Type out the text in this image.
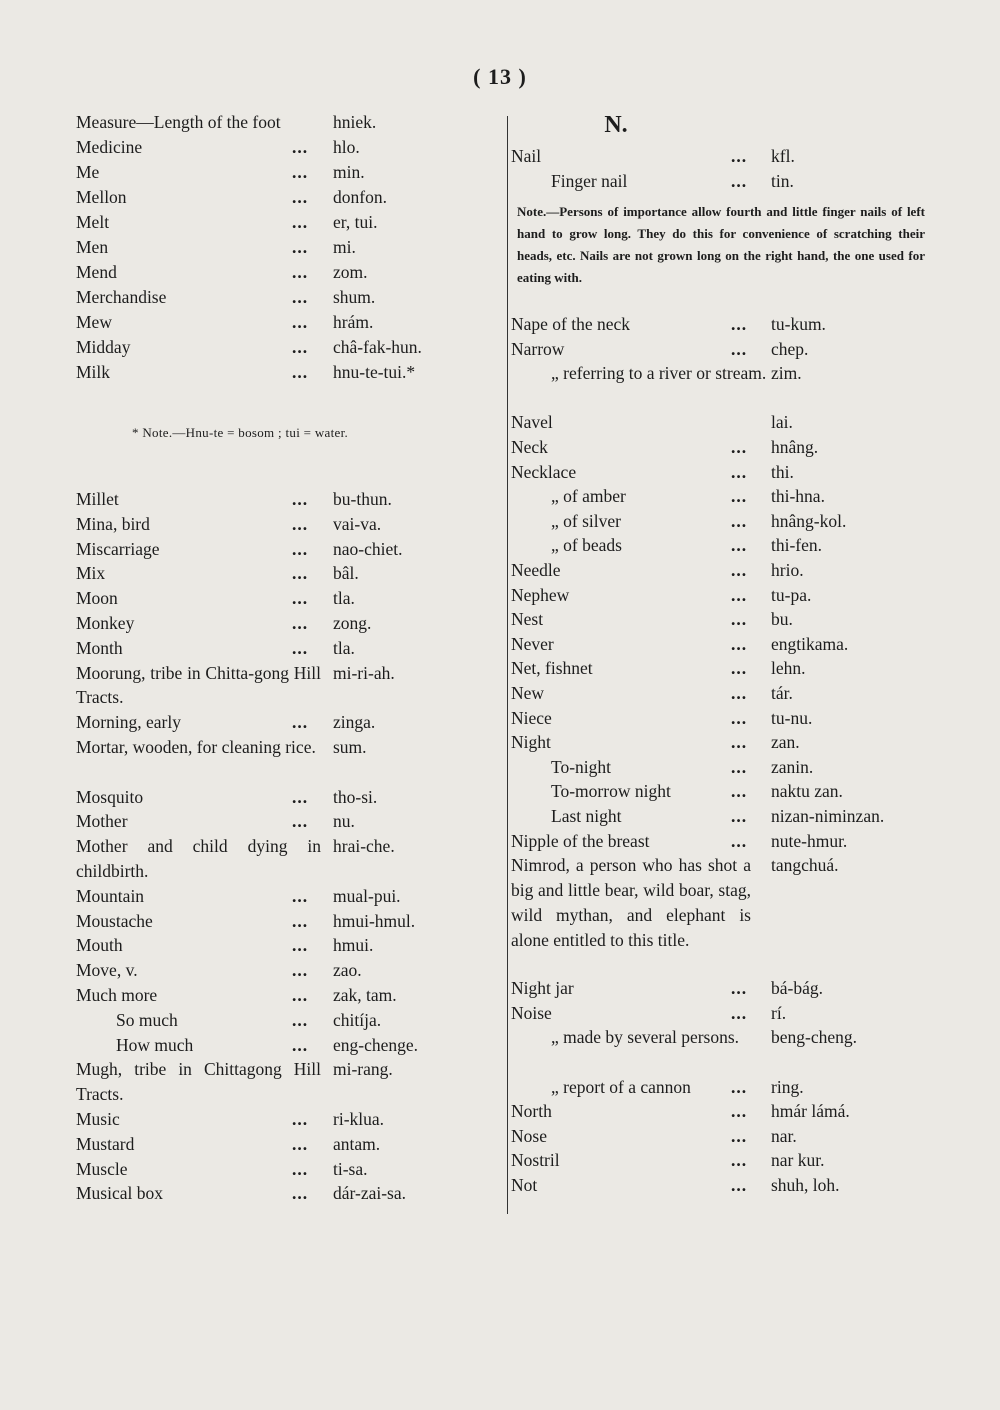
( 13 )
Measure—Length of the foot	hniek.
Medicine	... hlo.
Me	... min.
Mellon	... donfon.
Melt	... er, tui.
Men	... mi.
Mend	... zom.
Merchandise	... shum.
Mew	... hrám.
Midday	... châ-fak-hun.
Milk	... hnu-te-tui.*
* Note.—Hnu-te = bosom ; tui = water.
Millet	... bu-thun.
Mina, bird	... vai-va.
Miscarriage	... nao-chiet.
Mix	... bâl.
Moon	... tla.
Monkey	... zong.
Month	... tla.
Moorung, tribe in Chitta-gong Hill Tracts.
mi-ri-ah.
Morning, early	... zinga.
Mortar, wooden, for cleaning rice. sum.
Mosquito	... tho-si.
Mother	... nu.
Mother and child dying in childbirth.
hrai-che.
Mountain	... mual-pui.
Moustache	... hmui-hmul.
Mouth	... hmui.
Move, v.	... zao.
Much more	... zak, tam.
So much	... chitíja.
How much	... eng-chenge.
Mugh, tribe in Chittagong Hill Tracts.
mi-rang.
Music	... ri-klua.
Mustard	... antam.
Muscle	... ti-sa.
Musical box	... dár-zai-sa.
N.
Nail	... kfl.
Finger nail	... tin.
Note.—Persons of importance allow fourth and little finger nails of left hand to grow long. They do this for convenience of scratching their heads, etc. Nails are not grown long on the right hand, the one used for eating with.
Nape of the neck	... tu-kum.
Narrow	... chep.
„ referring to a river or stream. zim.
Navel	lai.
Neck	... hnâng.
Necklace	... thi.
„ of amber	... thi-hna.
„ of silver	... hnâng-kol.
„ of beads	... thi-fen.
Needle	... hrio.
Nephew	... tu-pa.
Nest	... bu.
Never	... engtikama.
Net, fishnet	... lehn.
New	... tár.
Niece	... tu-nu.
Night	... zan.
To-night	... zanin.
To-morrow night	... naktu zan.
Last night	... nizan-niminzan.
Nipple of the breast	... nute-hmur.
Nimrod, a person who has shot a big and little bear, wild boar, stag, wild mythan, and elephant is alone entitled to this title.
tangchuá.
Night jar	... bá-bág.
Noise	... rí.
„ made by several persons.	beng-cheng.
„ report of a cannon ... ring.
North	... hmár lámá.
Nose	... nar.
Nostril	... nar kur.
Not	... shuh, loh.
